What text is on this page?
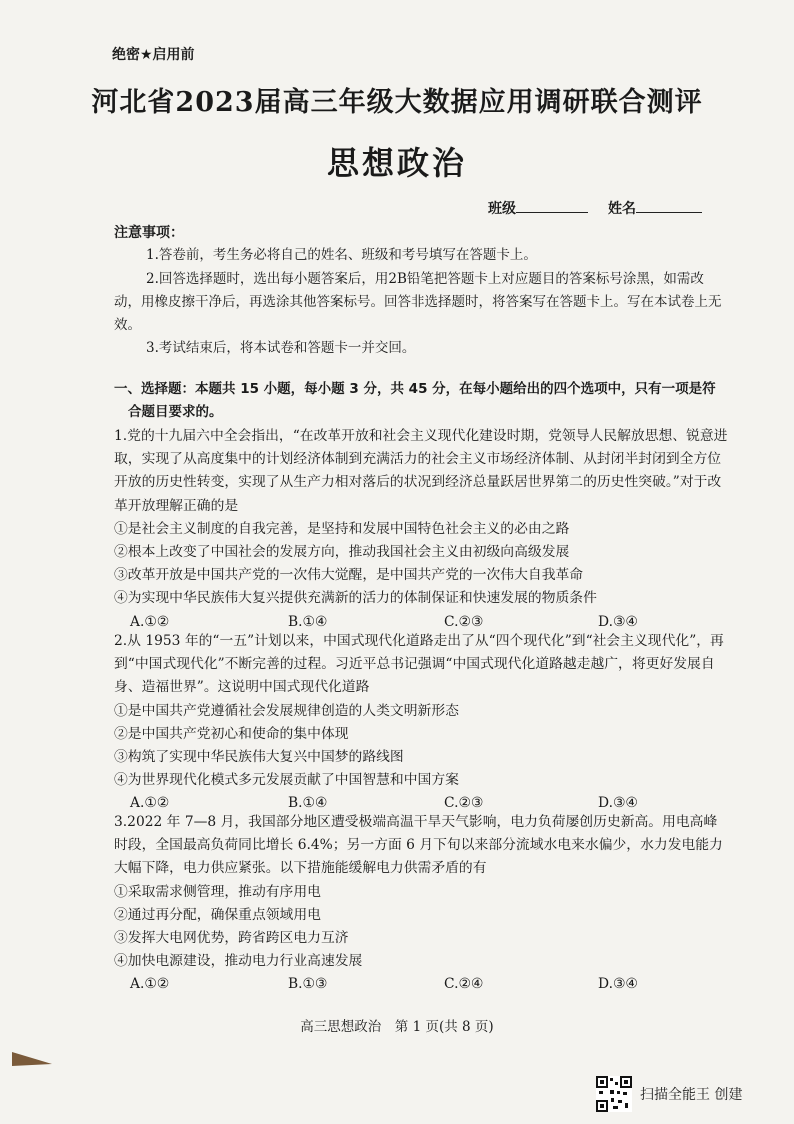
绝密★启用前
河北省2023届高三年级大数据应用调研联合测评
思想政治
班级	姓名
注意事项：
1.答卷前，考生务必将自己的姓名、班级和考号填写在答题卡上。
2.回答选择题时，选出每小题答案后，用2B铅笔把答题卡上对应题目的答案标号涂黑，如需改动，用橡皮擦干净后，再选涂其他答案标号。回答非选择题时，将答案写在答题卡上。写在本试卷上无效。
3.考试结束后，将本试卷和答题卡一并交回。
一、选择题：本题共 15 小题，每小题 3 分，共 45 分，在每小题给出的四个选项中，只有一项是符
合题目要求的。
1.党的十九届六中全会指出，“在改革开放和社会主义现代化建设时期，党领导人民解放思想、锐意进取，实现了从高度集中的计划经济体制到充满活力的社会主义市场经济体制、从封闭半封闭到全方位开放的历史性转变，实现了从生产力相对落后的状况到经济总量跃居世界第二的历史性突破。”对于改革开放理解正确的是
①是社会主义制度的自我完善，是坚持和发展中国特色社会主义的必由之路
②根本上改变了中国社会的发展方向，推动我国社会主义由初级向高级发展
③改革开放是中国共产党的一次伟大觉醒，是中国共产党的一次伟大自我革命
④为实现中华民族伟大复兴提供充满新的活力的体制保证和快速发展的物质条件
A.①②	B.①④	C.②③	D.③④
2.从 1953 年的“一五”计划以来，中国式现代化道路走出了从“四个现代化”到“社会主义现代化”，再到“中国式现代化”不断完善的过程。习近平总书记强调“中国式现代化道路越走越广，将更好发展自身、造福世界”。这说明中国式现代化道路
①是中国共产党遵循社会发展规律创造的人类文明新形态
②是中国共产党初心和使命的集中体现
③构筑了实现中华民族伟大复兴中国梦的路线图
④为世界现代化模式多元发展贡献了中国智慧和中国方案
A.①②	B.①④	C.②③	D.③④
3.2022 年 7—8 月，我国部分地区遭受极端高温干旱天气影响，电力负荷屡创历史新高。用电高峰时段，全国最高负荷同比增长 6.4%；另一方面 6 月下旬以来部分流域水电来水偏少，水力发电能力大幅下降，电力供应紧张。以下措施能缓解电力供需矛盾的有
①采取需求侧管理，推动有序用电
②通过再分配，确保重点领域用电
③发挥大电网优势，跨省跨区电力互济
④加快电源建设，推动电力行业高速发展
A.①②	B.①③	C.②④	D.③④
高三思想政治　第 1 页(共 8 页)
扫描全能王 创建
